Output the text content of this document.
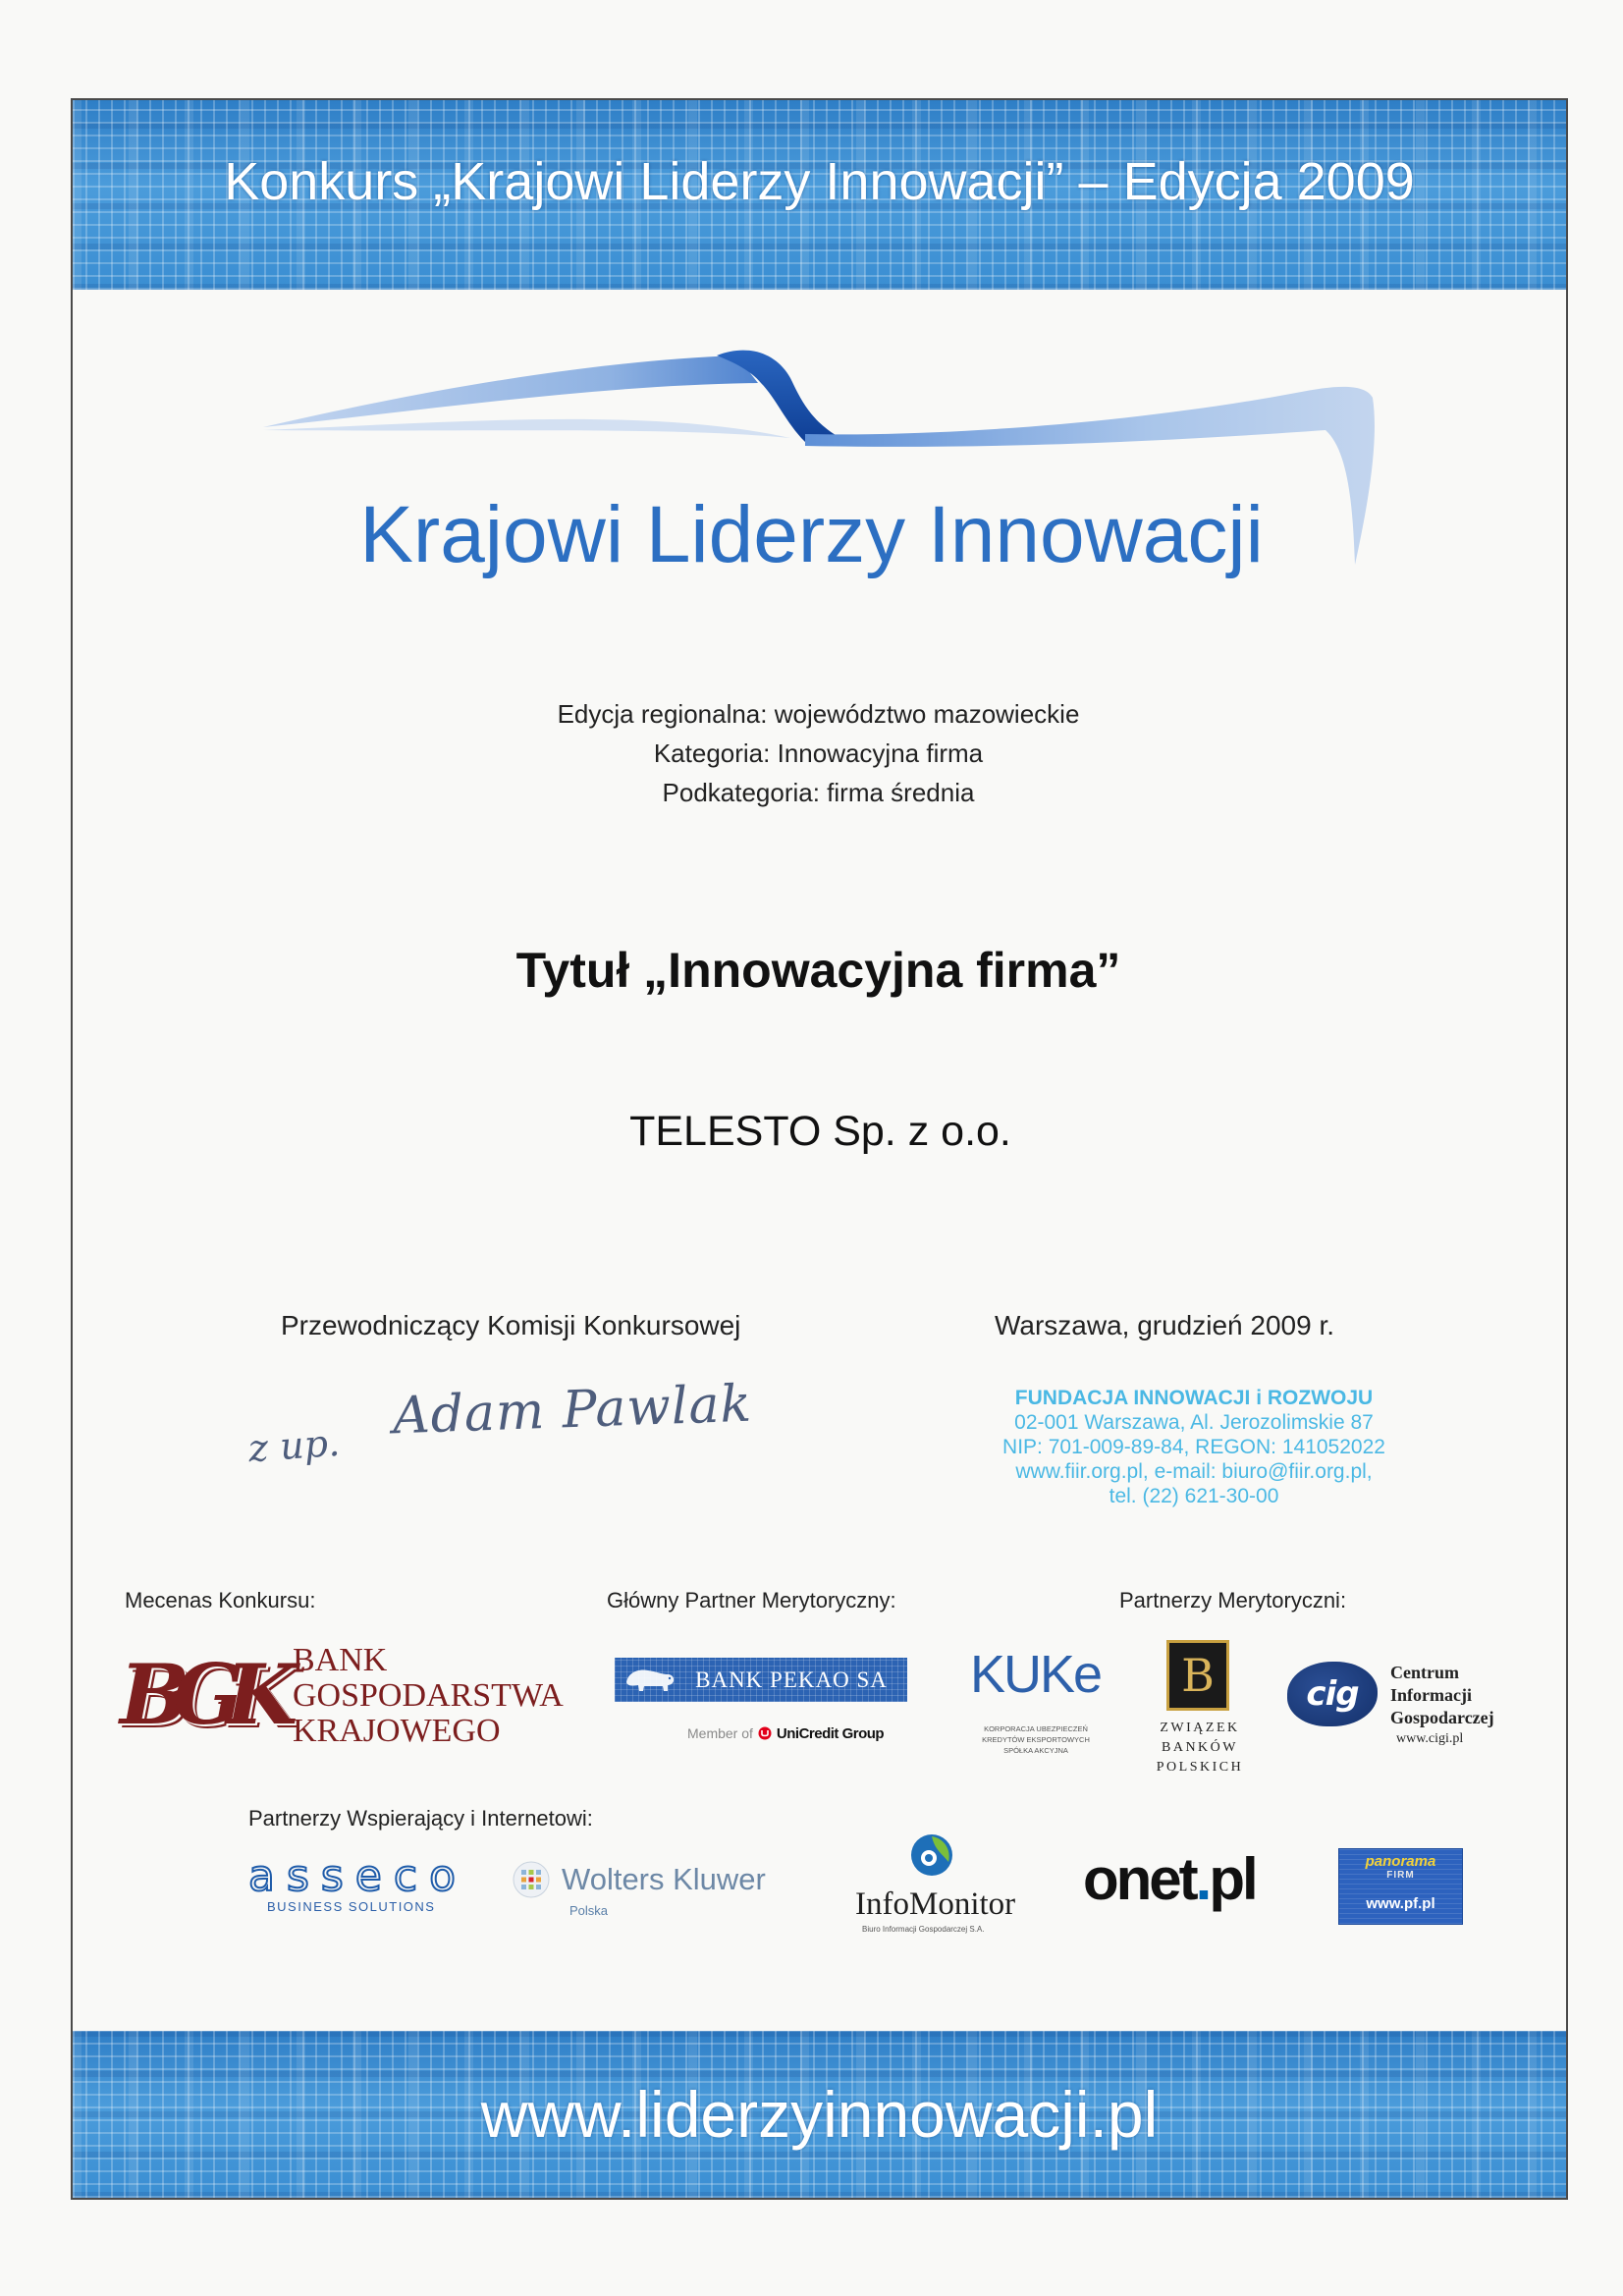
Konkurs „Krajowi Liderzy Innowacji” – Edycja 2009
Krajowi Liderzy Innowacji
Edycja regionalna: województwo mazowieckie
Kategoria: Innowacyjna firma
Podkategoria: firma średnia
Tytuł „Innowacyjna firma”
TELESTO Sp. z o.o.
Przewodniczący Komisji Konkursowej	Warszawa, grudzień 2009 r.
z up. Adam Pawlak	FUNDACJA INNOWACJI i ROZWOJU
02-001 Warszawa, Al. Jerozolimskie 87
NIP: 701-009-89-84, REGON: 141052022
www.fiir.org.pl, e-mail: biuro@fiir.org.pl,
tel. (22) 621-30-00
Mecenas Konkursu:	Główny Partner Merytoryczny:	Partnerzy Merytoryczni:
BGK BANK
GOSPODARSTWA
KRAJOWEGO
BANK PEKAO SA
Member of UniCredit Group
KUKe
KORPORACJA UBEZPIECZEŃ
KREDYTÓW EKSPORTOWYCH
SPÓŁKA AKCYJNA
B
ZWIĄZEK
BANKÓW
POLSKICH
cig
Centrum
Informacji
Gospodarczej
www.cigi.pl
Partnerzy Wspierający i Internetowi:
asseco
BUSINESS SOLUTIONS
Wolters Kluwer
Polska	InfoMonitor
Biuro Informacji Gospodarczej S.A.
onet.pl	panorama
FIRM
www.pf.pl
www.liderzyinnowacji.pl
